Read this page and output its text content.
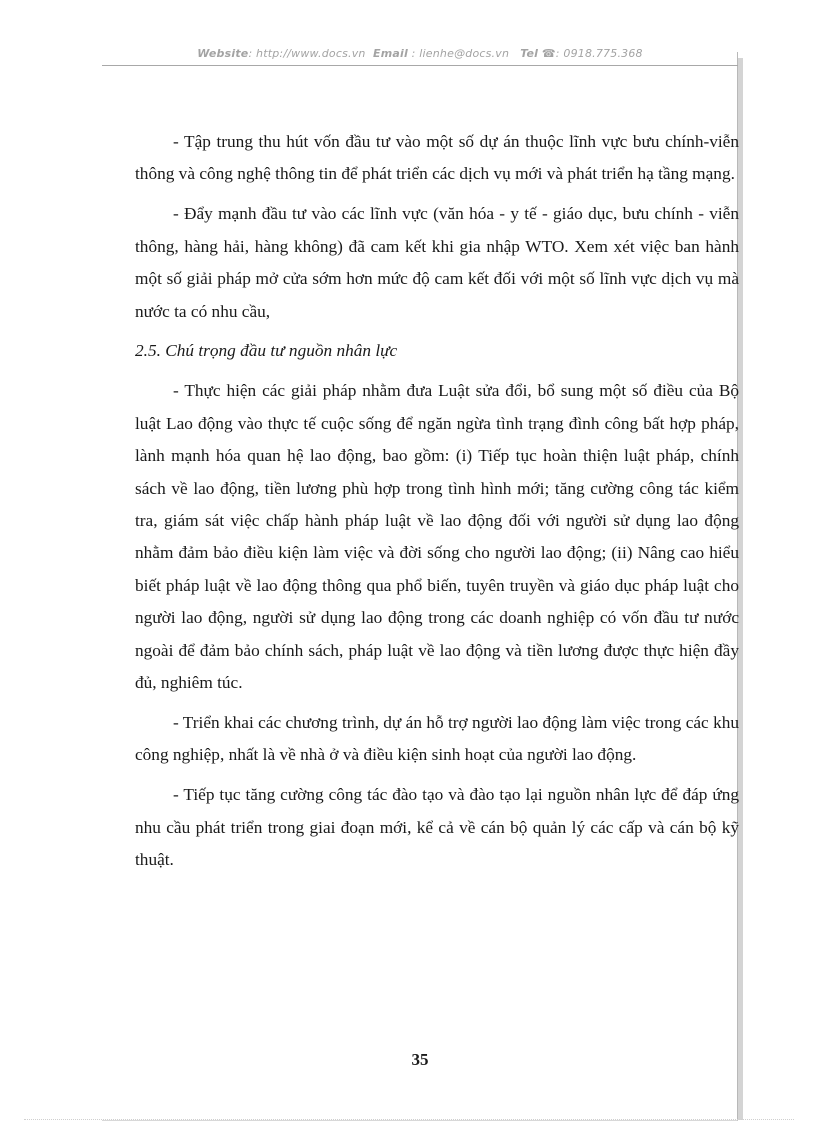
Website: http://www.docs.vn Email : lienhe@docs.vn Tel ☎: 0918.775.368

- Tập trung thu hút vốn đầu tư vào một số dự án thuộc lĩnh vực bưu chính-viễn thông và công nghệ thông tin để phát triển các dịch vụ mới và phát triển hạ tầng mạng.

- Đẩy mạnh đầu tư vào các lĩnh vực (văn hóa - y tế - giáo dục, bưu chính - viễn thông, hàng hải, hàng không) đã cam kết khi gia nhập WTO. Xem xét việc ban hành một số giải pháp mở cửa sớm hơn mức độ cam kết đối với một số lĩnh vực dịch vụ mà nước ta có nhu cầu,

2.5. Chú trọng đầu tư nguồn nhân lực

- Thực hiện các giải pháp nhằm đưa Luật sửa đổi, bổ sung một số điều của Bộ luật Lao động vào thực tế cuộc sống để ngăn ngừa tình trạng đình công bất hợp pháp, lành mạnh hóa quan hệ lao động, bao gồm: (i) Tiếp tục hoàn thiện luật pháp, chính sách về lao động, tiền lương phù hợp trong tình hình mới; tăng cường công tác kiểm tra, giám sát việc chấp hành pháp luật về lao động đối với người sử dụng lao động nhằm đảm bảo điều kiện làm việc và đời sống cho người lao động; (ii) Nâng cao hiểu biết pháp luật về lao động thông qua phổ biến, tuyên truyền và giáo dục pháp luật cho người lao động, người sử dụng lao động trong các doanh nghiệp có vốn đầu tư nước ngoài để đảm bảo chính sách, pháp luật về lao động và tiền lương được thực hiện đầy đủ, nghiêm túc.

- Triển khai các chương trình, dự án hỗ trợ người lao động làm việc trong các khu công nghiệp, nhất là về nhà ở và điều kiện sinh hoạt của người lao động.

- Tiếp tục tăng cường công tác đào tạo và đào tạo lại nguồn nhân lực để đáp ứng nhu cầu phát triển trong giai đoạn mới, kể cả về cán bộ quản lý các cấp và cán bộ kỹ thuật.

35
